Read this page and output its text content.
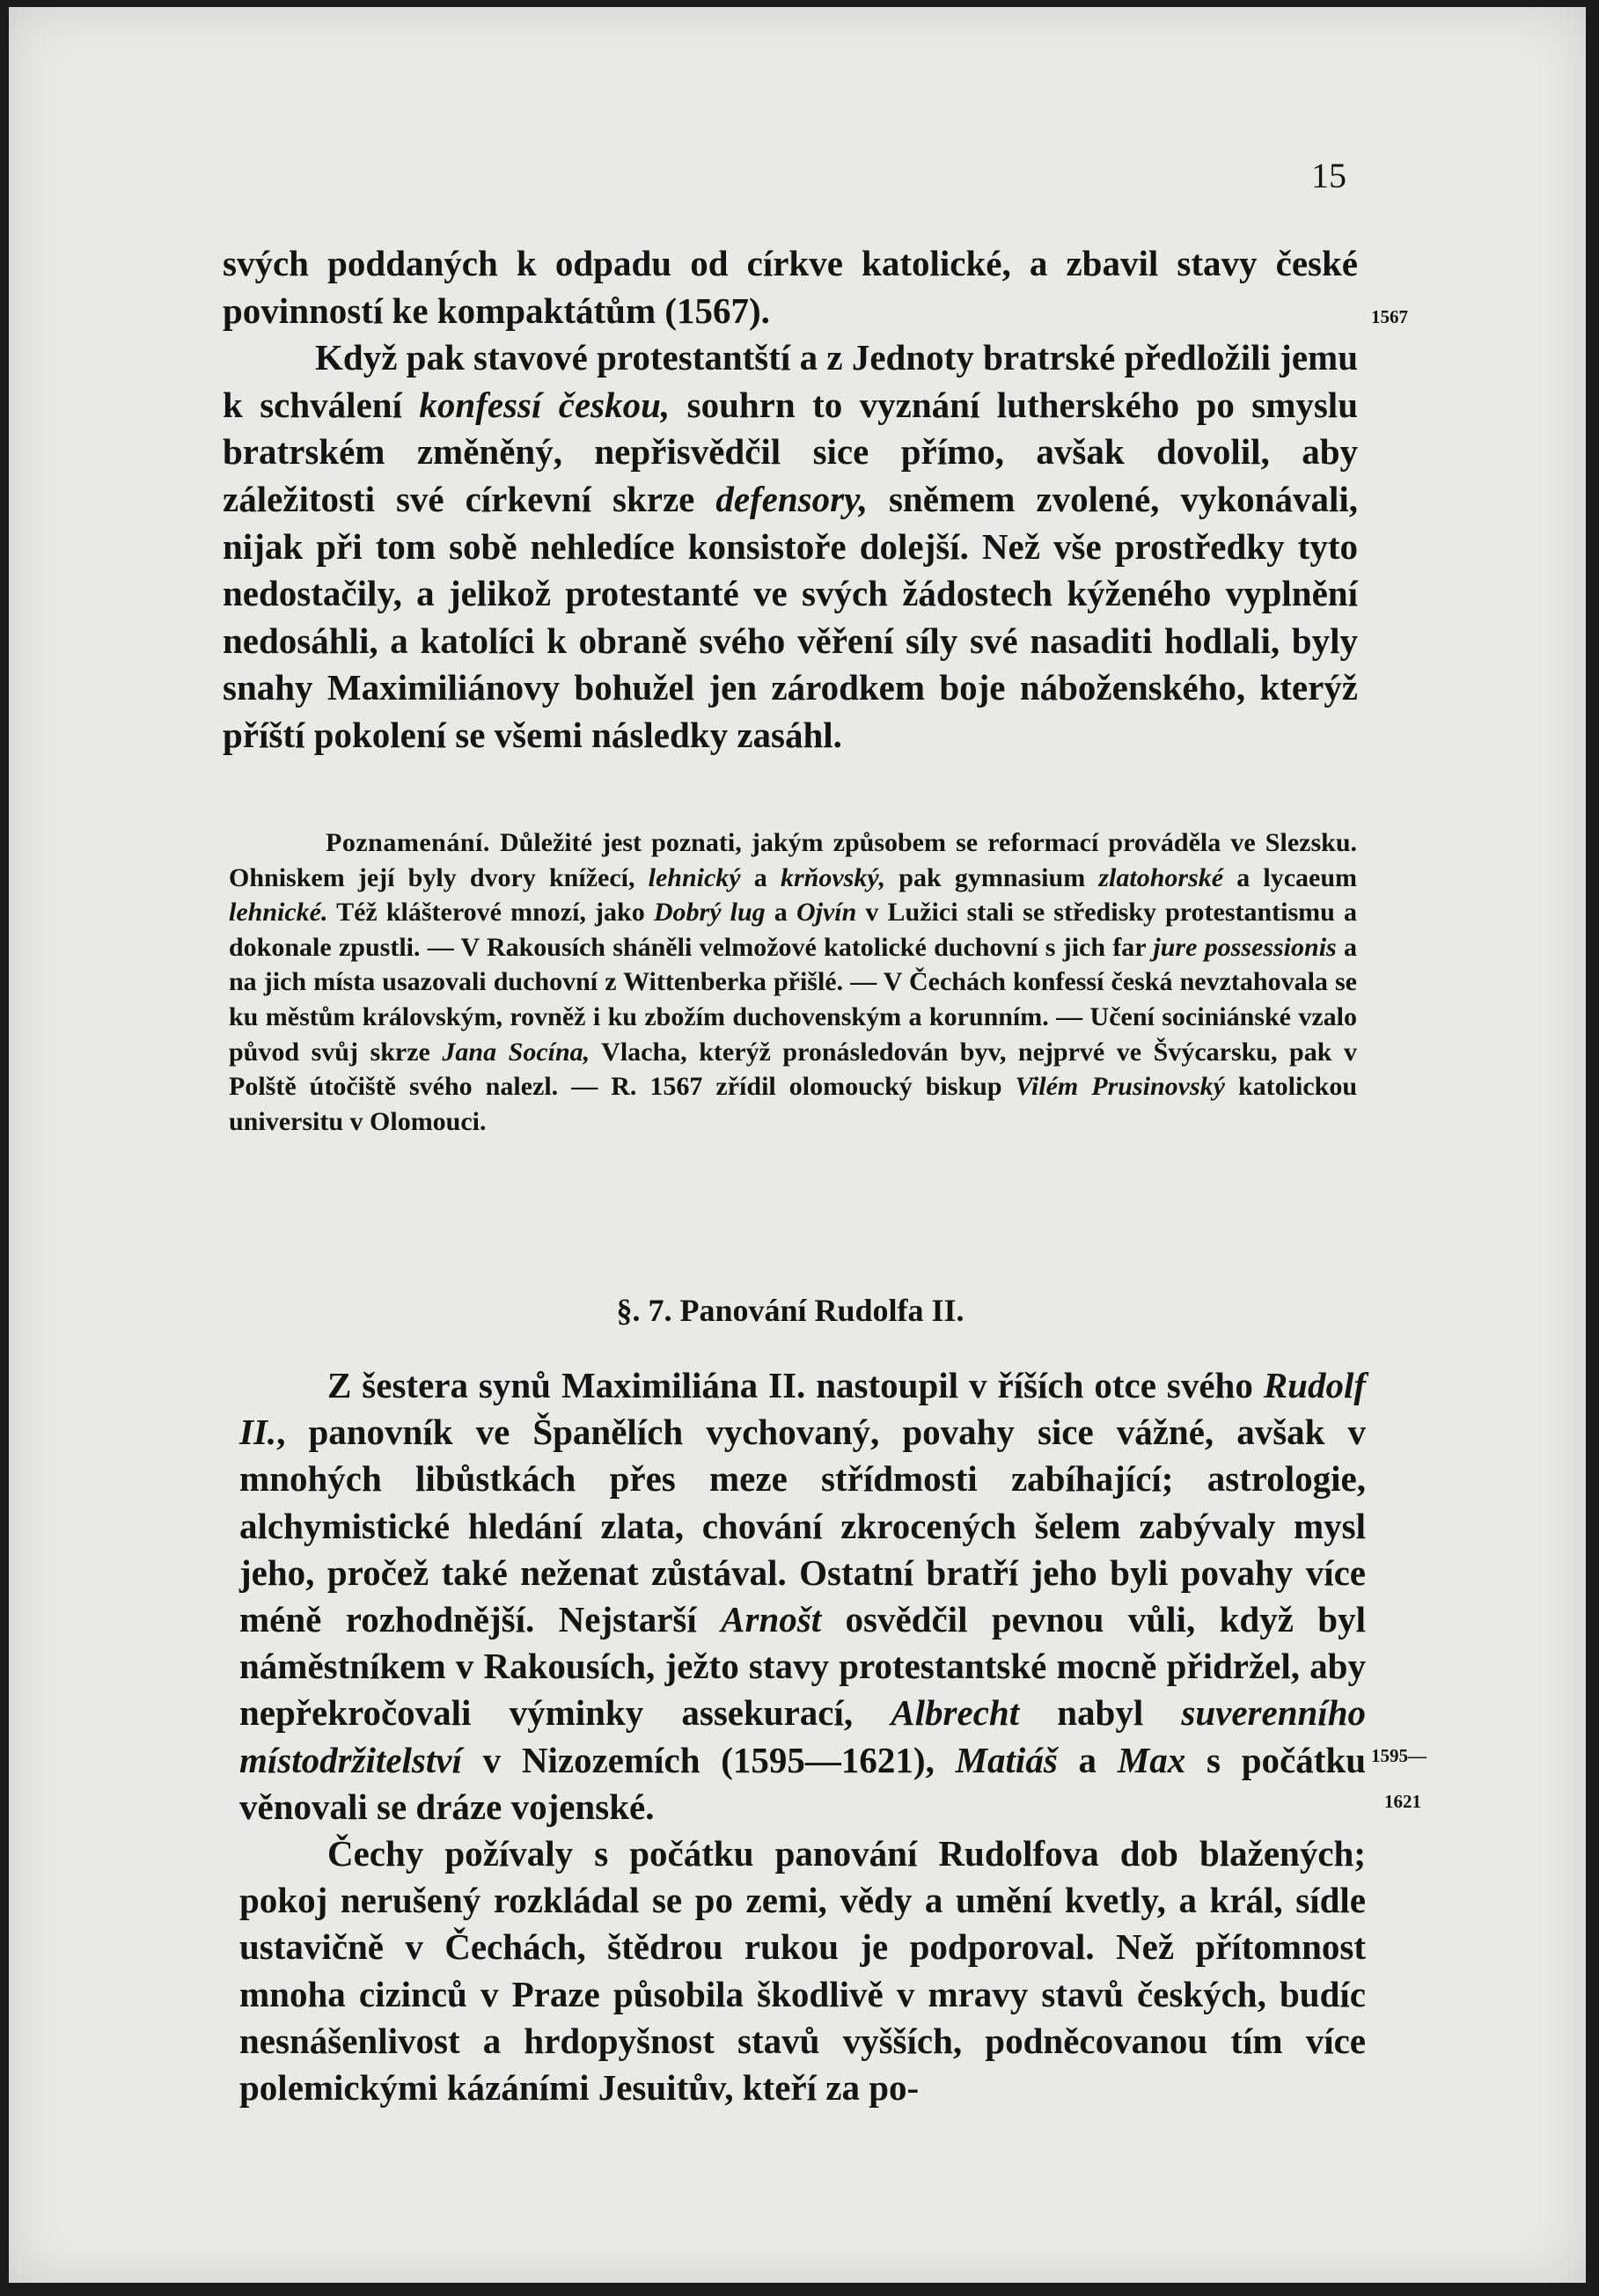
15
1567
1595—
1621

svých poddaných k odpadu od církve katolické, a zbavil stavy české povinností ke kompaktátům (1567).

Když pak stavové protestantští a z Jednoty bratrské předložili jemu k schválení konfessí českou, souhrn to vyznání lutherského po smyslu bratrském změněný, nepřisvědčil sice přímo, avšak dovolil, aby záležitosti své církevní skrze defensory, sněmem zvolené, vykonávali, nijak při tom sobě nehledíce konsistoře dolejší. Než vše prostředky tyto nedostačily, a jelikož protestanté ve svých žádostech kýženého vyplnění nedosáhli, a katolíci k obraně svého věření síly své nasaditi hodlali, byly snahy Maximiliánovy bohužel jen zárodkem boje náboženského, kterýž příští pokolení se všemi následky zasáhl.

Poznamenání. Důležité jest poznati, jakým způsobem se reformací prováděla ve Slezsku. Ohniskem její byly dvory knížecí, lehnický a krňovský, pak gymnasium zlatohorské a lycaeum lehnické. Též klášterové mnozí, jako Dobrý lug a Ojvín v Lužici stali se středisky protestantismu a dokonale zpustli. — V Rakousích sháněli velmožové katolické duchovní s jich far jure possessionis a na jich místa usazovali duchovní z Wittenberka přišlé. — V Čechách konfessí česká nevztahovala se ku městům královským, rovněž i ku zbožím duchovenským a korunním. — Učení sociniánské vzalo původ svůj skrze Jana Socína, Vlacha, kterýž pronásledován byv, nejprvé ve Švýcarsku, pak v Polště útočiště svého nalezl. — R. 1567 zřídil olomoucký biskup Vilém Prusinovský katolickou universitu v Olomouci.

§. 7. Panování Rudolfa II.

Z šestera synů Maximiliána II. nastoupil v říších otce svého Rudolf II., panovník ve Španělích vychovaný, povahy sice vážné, avšak v mnohých libůstkách přes meze střídmosti zabíhající; astrologie, alchymistické hledání zlata, chování zkrocených šelem zabývaly mysl jeho, pročež také neženat zůstával. Ostatní bratří jeho byli povahy více méně rozhodnější. Nejstarší Arnošt osvědčil pevnou vůli, když byl náměstníkem v Rakousích, ježto stavy protestantské mocně přidržel, aby nepřekročovali výminky assekurací, Albrecht nabyl suverenního místodržitelství v Nizozemích (1595—1621), Matiáš a Max s počátku věnovali se dráze vojenské.

Čechy požívaly s počátku panování Rudolfova dob blažených; pokoj nerušený rozkládal se po zemi, vědy a umění kvetly, a král, sídle ustavičně v Čechách, štědrou rukou je podporoval. Než přítomnost mnoha cizinců v Praze působila škodlivě v mravy stavů českých, budíc nesnášenlivost a hrdopyšnost stavů vyšších, podněcovanou tím více polemickými kázáními Jesuitův, kteří za po-
